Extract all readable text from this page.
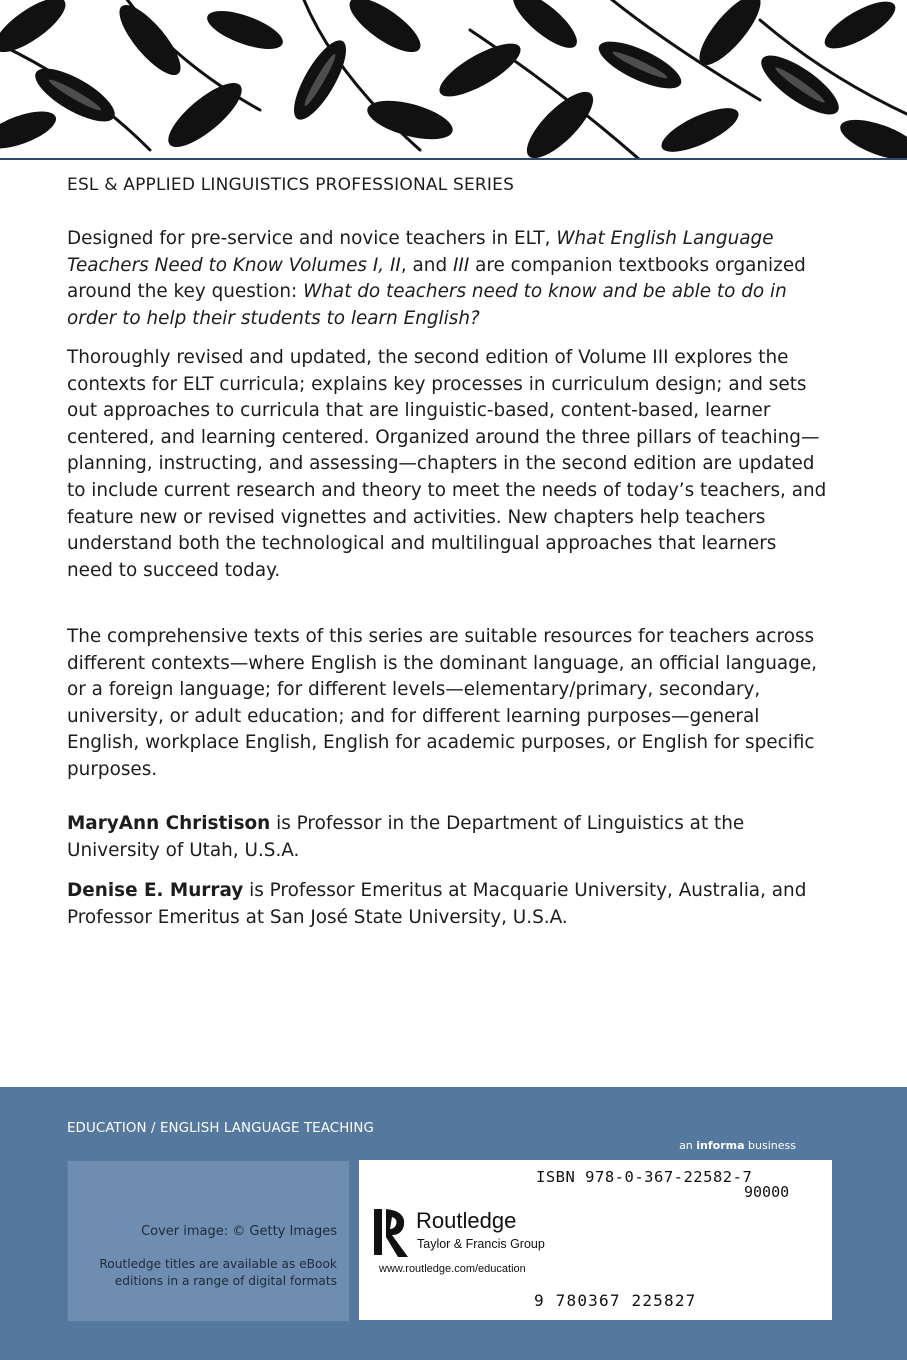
ESL & APPLIED LINGUISTICS PROFESSIONAL SERIES
Designed for pre-service and novice teachers in ELT, What English Language Teachers Need to Know Volumes I, II, and III are companion textbooks organized around the key question: What do teachers need to know and be able to do in order to help their students to learn English?
Thoroughly revised and updated, the second edition of Volume III explores the contexts for ELT curricula; explains key processes in curriculum design; and sets out approaches to curricula that are linguistic-based, content-based, learner centered, and learning centered. Organized around the three pillars of teaching—planning, instructing, and assessing—chapters in the second edition are updated to include current research and theory to meet the needs of today’s teachers, and feature new or revised vignettes and activities. New chapters help teachers understand both the technological and multilingual approaches that learners need to succeed today.
The comprehensive texts of this series are suitable resources for teachers across different contexts—where English is the dominant language, an official language, or a foreign language; for different levels—elementary/primary, secondary, university, or adult education; and for different learning purposes—general English, workplace English, English for academic purposes, or English for specific purposes.
MaryAnn Christison is Professor in the Department of Linguistics at the University of Utah, U.S.A.
Denise E. Murray is Professor Emeritus at Macquarie University, Australia, and Professor Emeritus at San José State University, U.S.A.
EDUCATION / ENGLISH LANGUAGE TEACHING
an informa business
Cover image: © Getty Images
Routledge titles are available as eBook editions in a range of digital formats
Routledge
Taylor & Francis Group
www.routledge.com/education
ISBN 978-0-367-22582-7
90000
9 780367 225827
